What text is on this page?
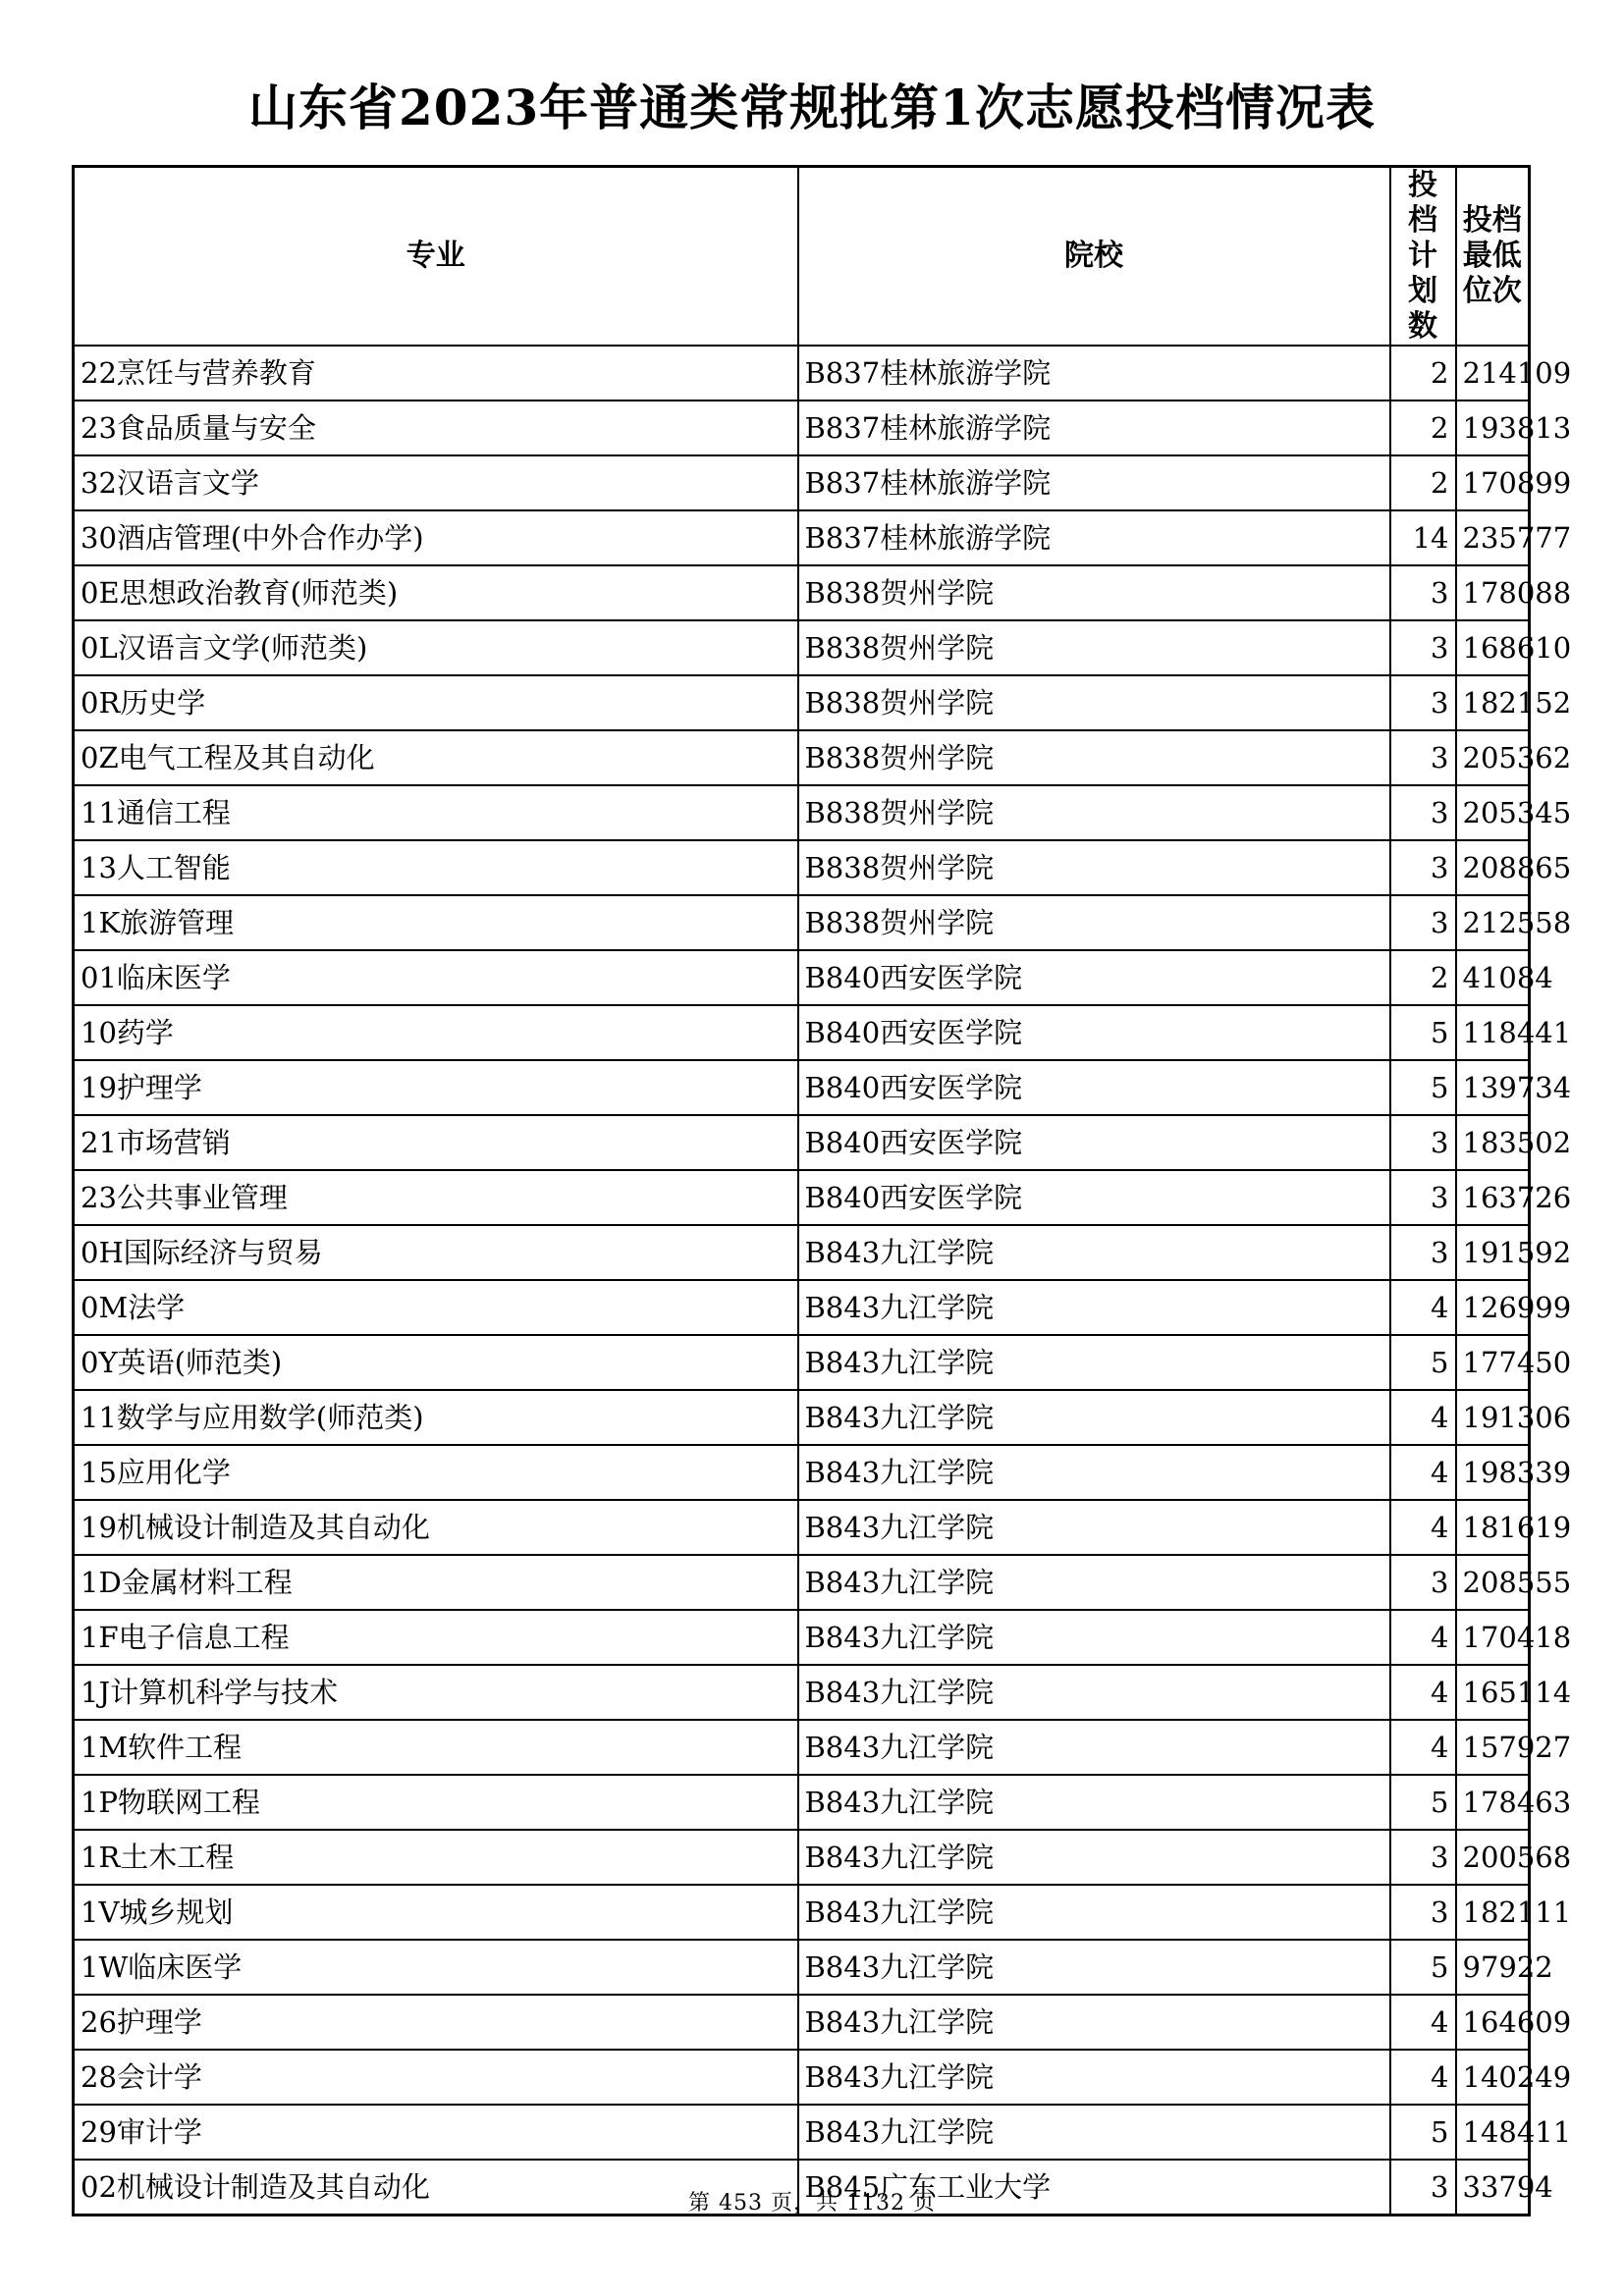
山东省2023年普通类常规批第1次志愿投档情况表
专业	院校	投档计划数	投档最低位次
22烹饪与营养教育	B837桂林旅游学院	2	214109
23食品质量与安全	B837桂林旅游学院	2	193813
32汉语言文学	B837桂林旅游学院	2	170899
30酒店管理(中外合作办学)	B837桂林旅游学院	14	235777
0E思想政治教育(师范类)	B838贺州学院	3	178088
0L汉语言文学(师范类)	B838贺州学院	3	168610
0R历史学	B838贺州学院	3	182152
0Z电气工程及其自动化	B838贺州学院	3	205362
11通信工程	B838贺州学院	3	205345
13人工智能	B838贺州学院	3	208865
1K旅游管理	B838贺州学院	3	212558
01临床医学	B840西安医学院	2	41084
10药学	B840西安医学院	5	118441
19护理学	B840西安医学院	5	139734
21市场营销	B840西安医学院	3	183502
23公共事业管理	B840西安医学院	3	163726
0H国际经济与贸易	B843九江学院	3	191592
0M法学	B843九江学院	4	126999
0Y英语(师范类)	B843九江学院	5	177450
11数学与应用数学(师范类)	B843九江学院	4	191306
15应用化学	B843九江学院	4	198339
19机械设计制造及其自动化	B843九江学院	4	181619
1D金属材料工程	B843九江学院	3	208555
1F电子信息工程	B843九江学院	4	170418
1J计算机科学与技术	B843九江学院	4	165114
1M软件工程	B843九江学院	4	157927
1P物联网工程	B843九江学院	5	178463
1R土木工程	B843九江学院	3	200568
1V城乡规划	B843九江学院	3	182111
1W临床医学	B843九江学院	5	97922
26护理学	B843九江学院	4	164609
28会计学	B843九江学院	4	140249
29审计学	B843九江学院	5	148411
02机械设计制造及其自动化	B845广东工业大学	3	33794
第 453 页，共 1132 页
